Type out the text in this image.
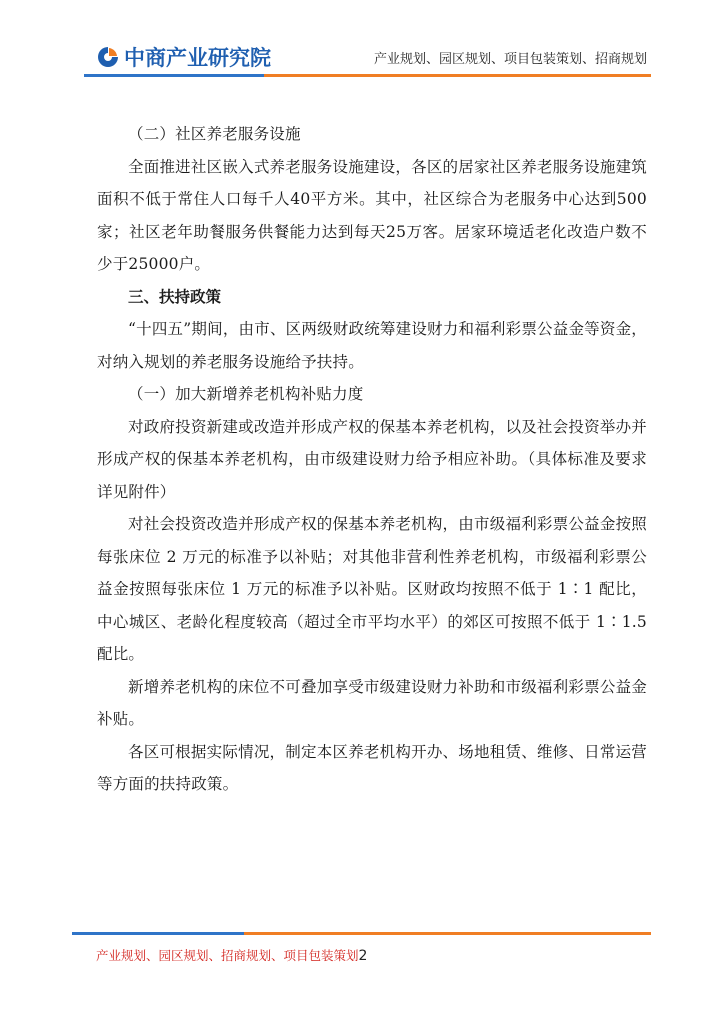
中商产业研究院	产业规划、园区规划、项目包装策划、招商规划

（二）社区养老服务设施

全面推进社区嵌入式养老服务设施建设，各区的居家社区养老服务设施建筑面积不低于常住人口每千人40平方米。其中，社区综合为老服务中心达到500家；社区老年助餐服务供餐能力达到每天25万客。居家环境适老化改造户数不少于25000户。

三、扶持政策

“十四五”期间，由市、区两级财政统筹建设财力和福利彩票公益金等资金，对纳入规划的养老服务设施给予扶持。

（一）加大新增养老机构补贴力度

对政府投资新建或改造并形成产权的保基本养老机构，以及社会投资举办并形成产权的保基本养老机构，由市级建设财力给予相应补助。（具体标准及要求详见附件）

对社会投资改造并形成产权的保基本养老机构，由市级福利彩票公益金按照每张床位 2 万元的标准予以补贴；对其他非营利性养老机构，市级福利彩票公益金按照每张床位 1 万元的标准予以补贴。区财政均按照不低于 1∶1 配比，中心城区、老龄化程度较高（超过全市平均水平）的郊区可按照不低于 1∶1.5 配比。

新增养老机构的床位不可叠加享受市级建设财力补助和市级福利彩票公益金补贴。

各区可根据实际情况，制定本区养老机构开办、场地租赁、维修、日常运营等方面的扶持政策。

产业规划、园区规划、招商规划、项目包装策划2
